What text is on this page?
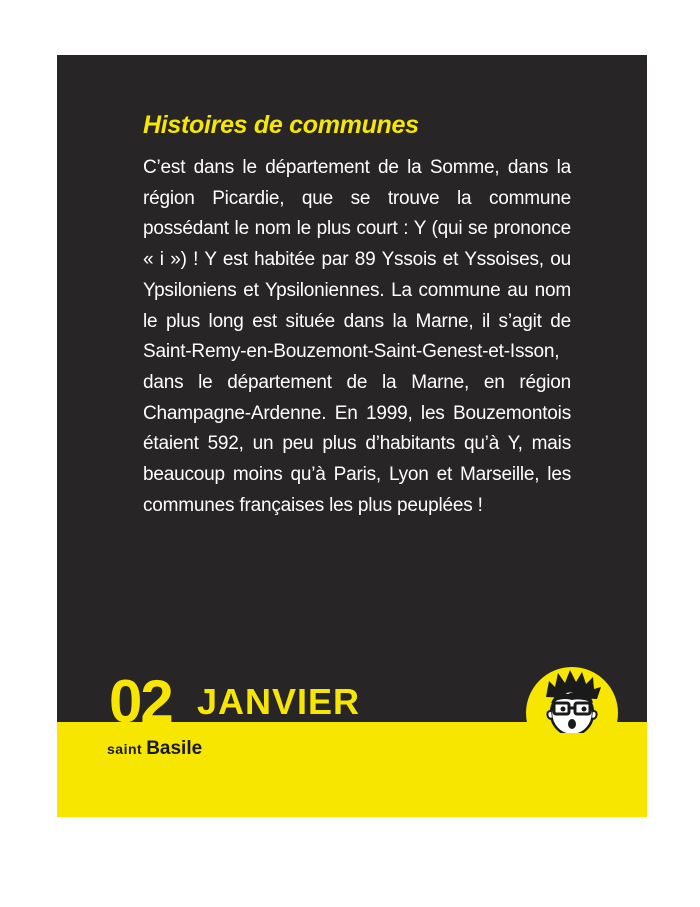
Histoires de communes

C’est dans le département de la Somme, dans la région Picardie, que se trouve la commune possédant le nom le plus court : Y (qui se prononce « i ») ! Y est habitée par 89 Yssois et Yssoises, ou Ypsiloniens et Ypsiloniennes. La commune au nom le plus long est située dans la Marne, il s’agit de Saint-Remy-en-Bouzemont-Saint-Genest-et-Isson, dans le département de la Marne, en région Champagne-Ardenne. En 1999, les Bouzemontois étaient 592, un peu plus d’habitants qu’à Y, mais beaucoup moins qu’à Paris, Lyon et Marseille, les communes françaises les plus peuplées !

02 JANVIER
saint Basile
